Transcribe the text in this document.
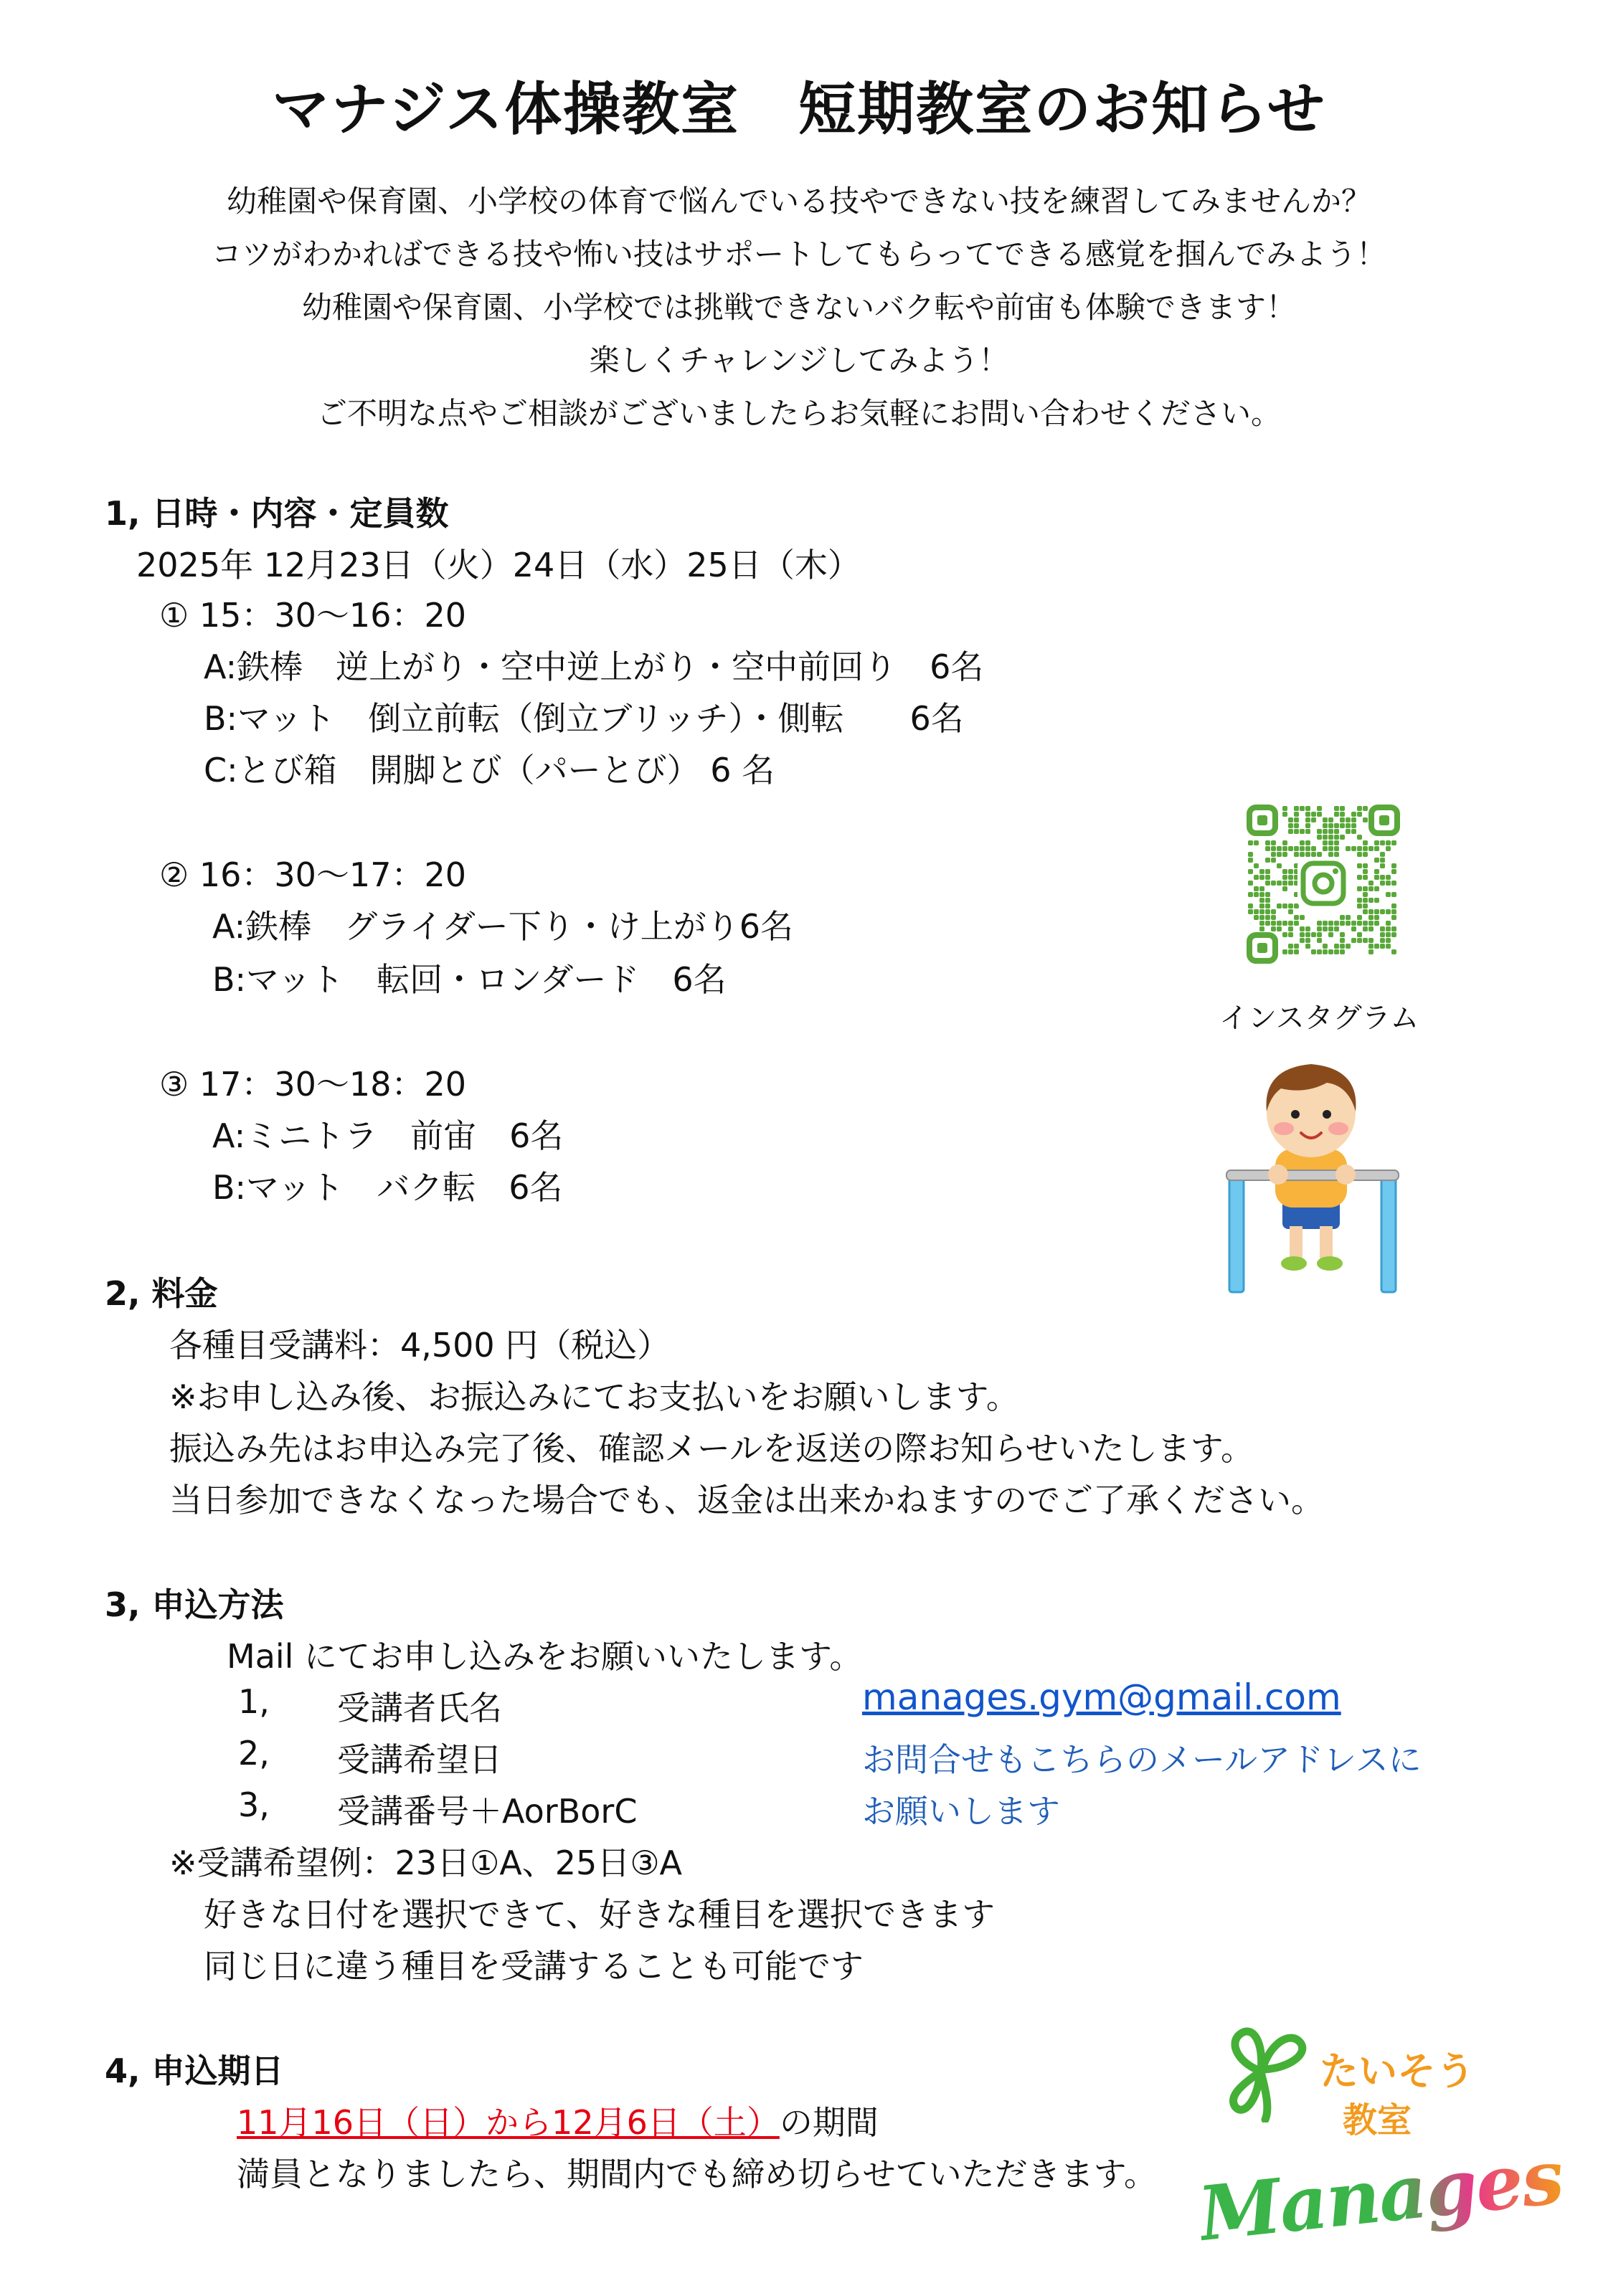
マナジス体操教室　短期教室のお知らせ
幼稚園や保育園、小学校の体育で悩んでいる技やできない技を練習してみませんか？
コツがわかればできる技や怖い技はサポートしてもらってできる感覚を掴んでみよう！
幼稚園や保育園、小学校では挑戦できないバク転や前宙も体験できます！
楽しくチャレンジしてみよう！
ご不明な点やご相談がございましたらお気軽にお問い合わせください。
1, 日時・内容・定員数
2025年 12月23日（火）24日（水）25日（木）
① 15：30～16：20
A:鉄棒　逆上がり・空中逆上がり・空中前回り　6名
B:マット　倒立前転（倒立ブリッチ）・側転　　6名
C:とび箱　開脚とび（パーとび） 6 名
② 16：30～17：20
A:鉄棒　グライダー下り・け上がり6名
B:マット　転回・ロンダード　6名
③ 17：30～18：20
A:ミニトラ　前宙　6名
B:マット　バク転　6名
インスタグラム
2, 料金
各種目受講料：4,500 円（税込）
※お申し込み後、お振込みにてお支払いをお願いします。
振込み先はお申込み完了後、確認メールを返送の際お知らせいたします。
当日参加できなくなった場合でも、返金は出来かねますのでご了承ください。
3, 申込方法
Mail にてお申し込みをお願いいたします。
1, 受講者氏名
2, 受講希望日
3, 受講番号＋AorBorC
manages.gym@gmail.com
お問合せもこちらのメールアドレスに
お願いします
※受講希望例：23日①A、25日③A
好きな日付を選択できて、好きな種目を選択できます
同じ日に違う種目を受講することも可能です
4, 申込期日
11月16日（日）から12月6日（土）の期間
満員となりましたら、期間内でも締め切らせていただきます。
たいそう
教室
Manages
